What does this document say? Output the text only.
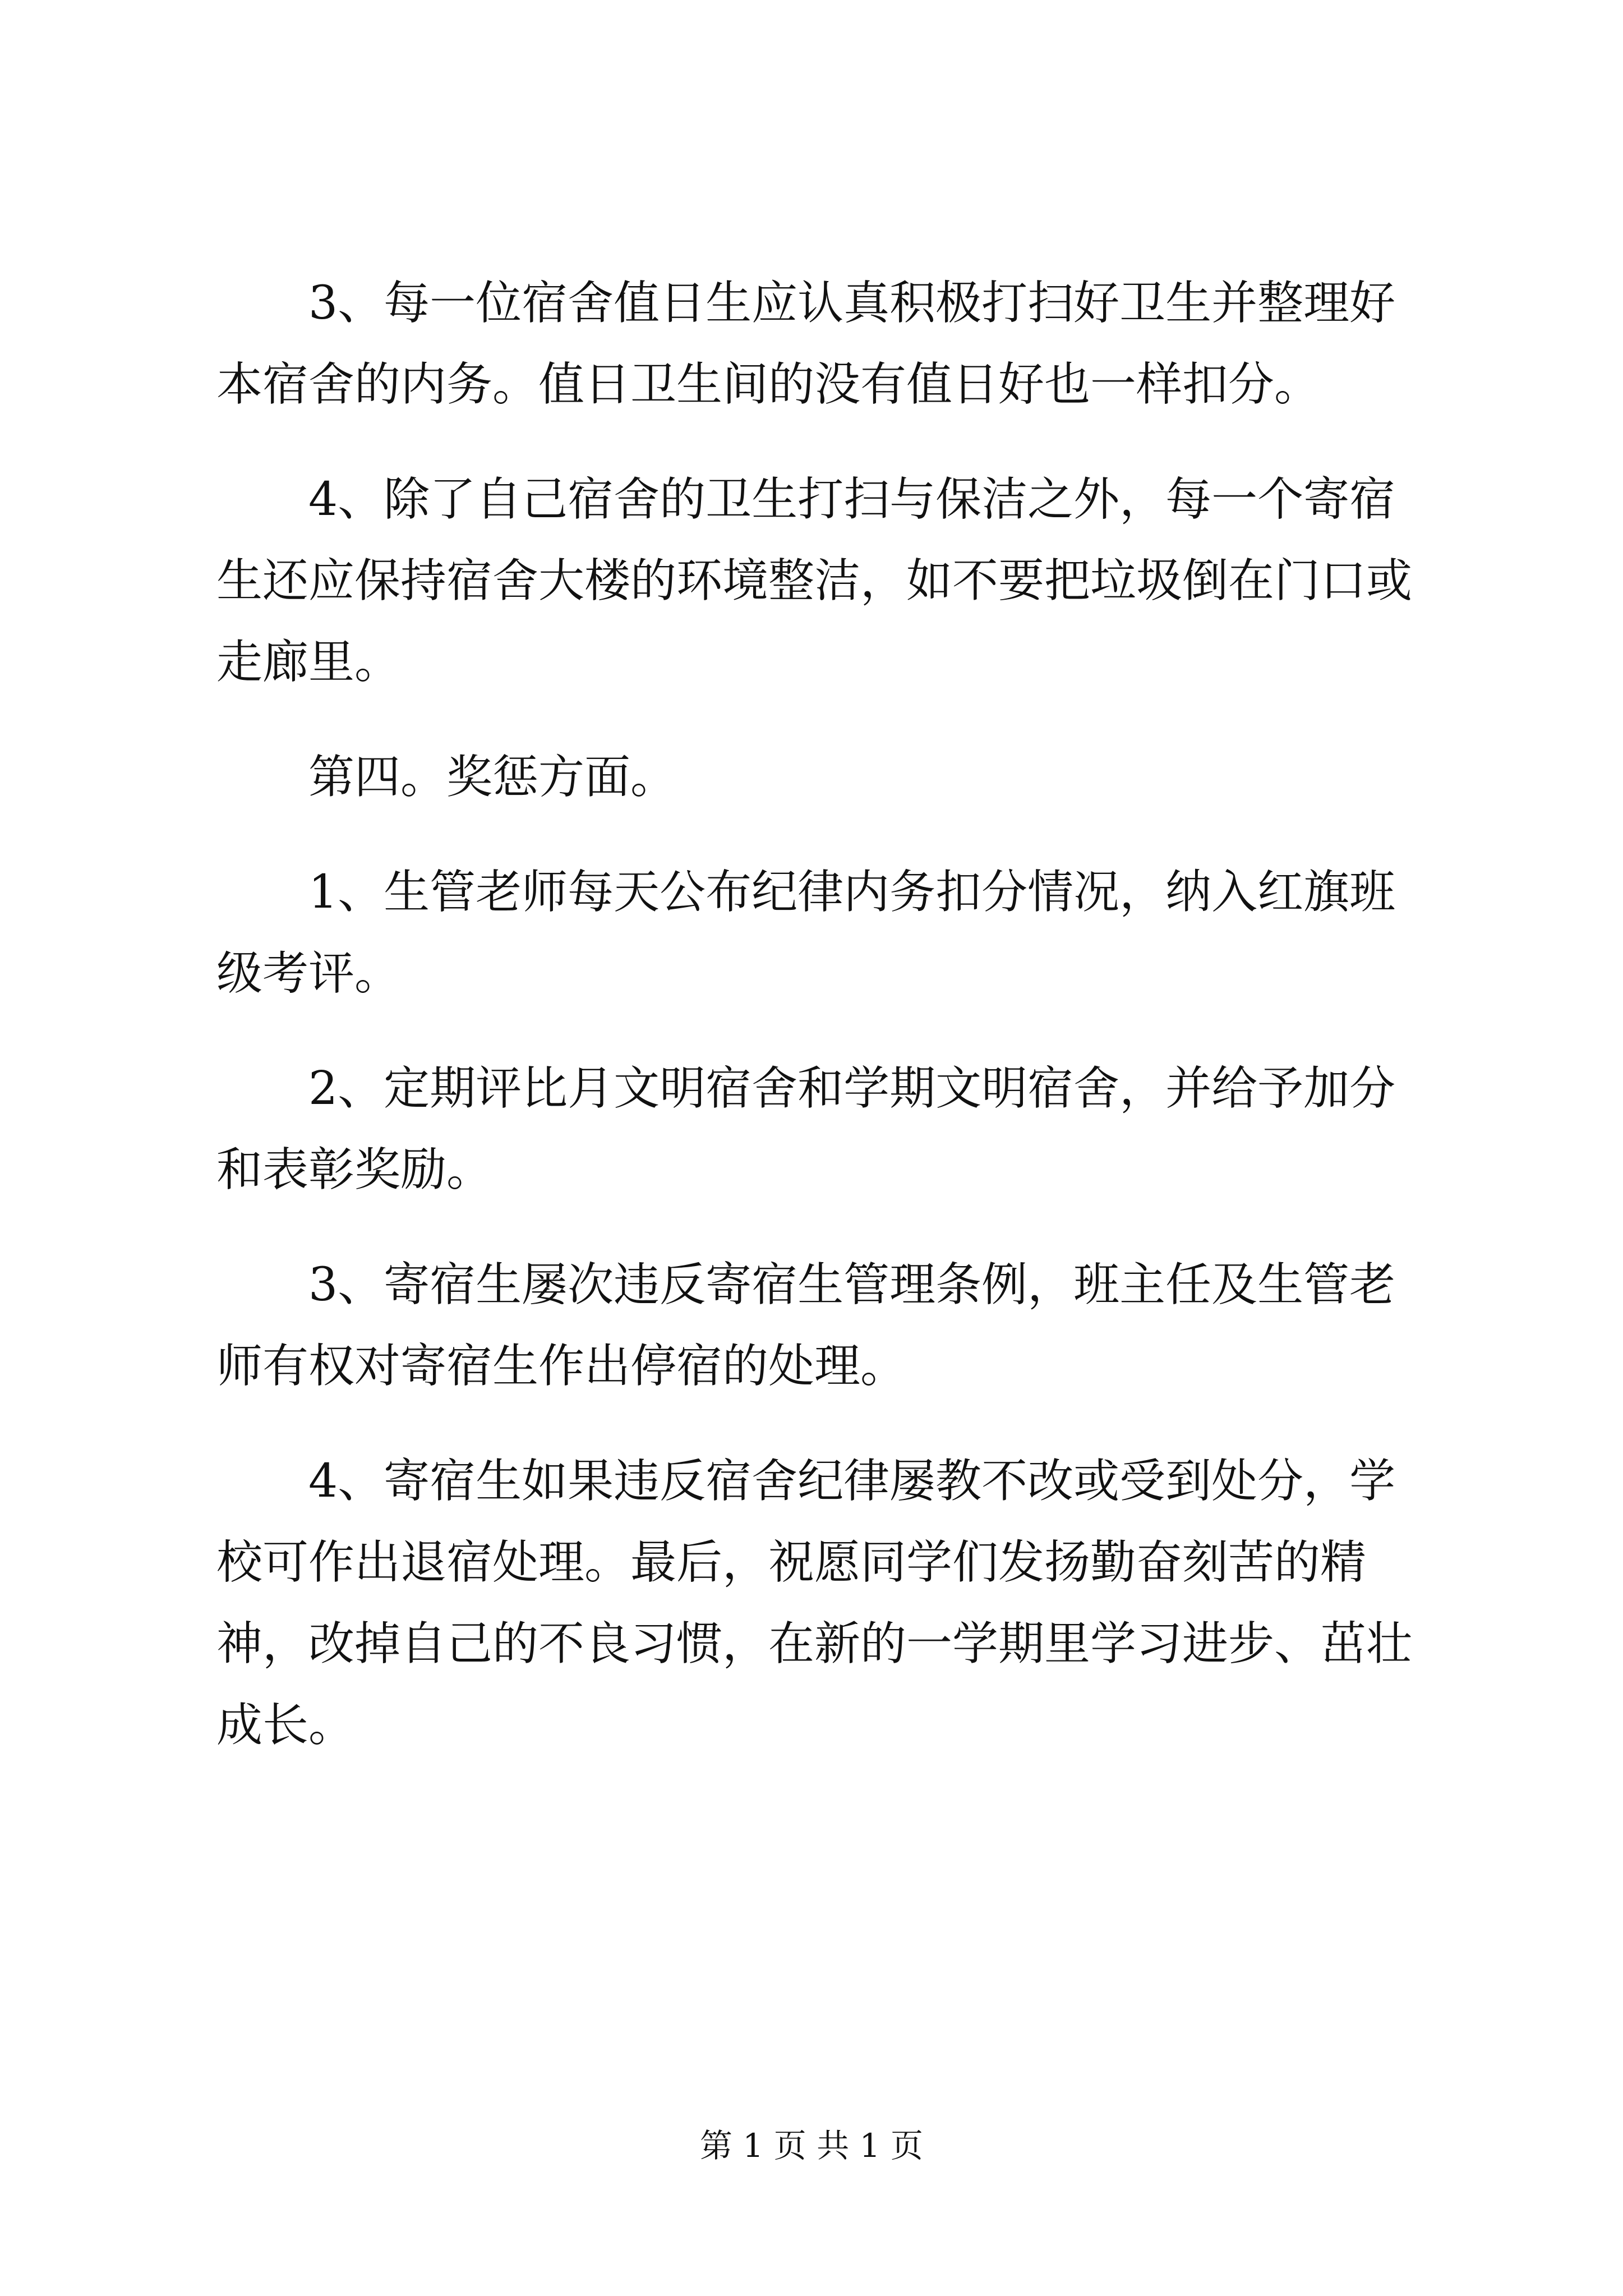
3、每一位宿舍值日生应认真积极打扫好卫生并整理好本宿舍的内务。值日卫生间的没有值日好也一样扣分。

4、除了自己宿舍的卫生打扫与保洁之外，每一个寄宿生还应保持宿舍大楼的环境整洁，如不要把垃圾倒在门口或走廊里。

第四。奖惩方面。

1、生管老师每天公布纪律内务扣分情况，纳入红旗班级考评。

2、定期评比月文明宿舍和学期文明宿舍，并给予加分和表彰奖励。

3、寄宿生屡次违反寄宿生管理条例，班主任及生管老师有权对寄宿生作出停宿的处理。

4、寄宿生如果违反宿舍纪律屡教不改或受到处分，学校可作出退宿处理。最后，祝愿同学们发扬勤奋刻苦的精神，改掉自己的不良习惯，在新的一学期里学习进步、茁壮成长。

第 1 页 共 1 页
